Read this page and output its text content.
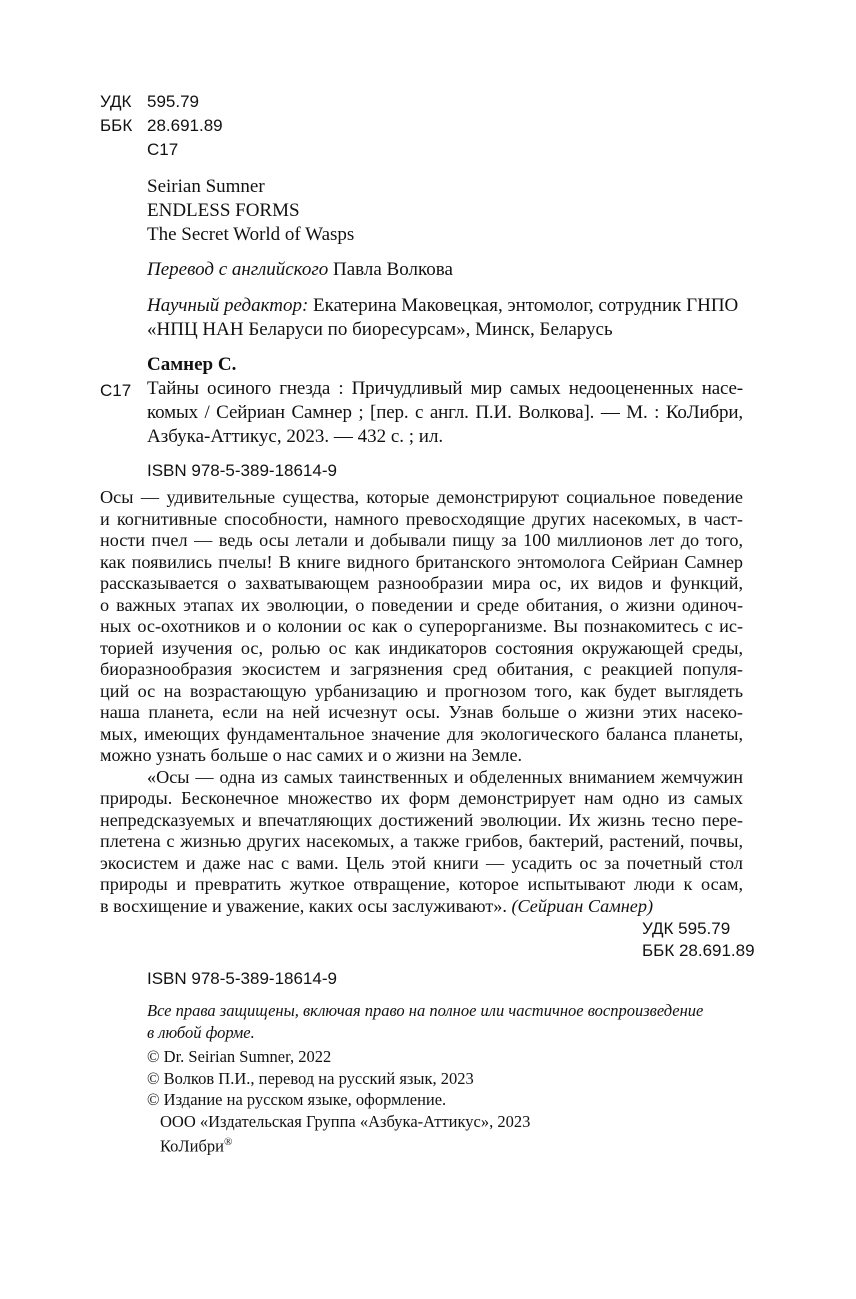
УДК 595.79
ББК 28.691.89
С17
Seirian Sumner
ENDLESS FORMS
The Secret World of Wasps
Перевод с английского Павла Волкова
Научный редактор: Екатерина Маковецкая, энтомолог, сотрудник ГНПО
«НПЦ НАН Беларуси по биоресурсам», Минск, Беларусь
Самнер С.
С17 Тайны осиного гнезда : Причудливый мир самых недооцененных насе-
комых / Сейриан Самнер ; [пер. с англ. П.И. Волкова]. — М. : КоЛибри,
Азбука-Аттикус, 2023. — 432 с. ; ил.
ISBN 978-5-389-18614-9
Осы — удивительные существа, которые демонстрируют социальное поведение
и когнитивные способности, намного превосходящие других насекомых, в част-
ности пчел — ведь осы летали и добывали пищу за 100 миллионов лет до того,
как появились пчелы! В книге видного британского энтомолога Сейриан Самнер
рассказывается о захватывающем разнообразии мира ос, их видов и функций,
о важных этапах их эволюции, о поведении и среде обитания, о жизни одиноч-
ных ос-охотников и о колонии ос как о суперорганизме. Вы познакомитесь с ис-
торией изучения ос, ролью ос как индикаторов состояния окружающей среды,
биоразнообразия экосистем и загрязнения сред обитания, с реакцией популя-
ций ос на возрастающую урбанизацию и прогнозом того, как будет выглядеть
наша планета, если на ней исчезнут осы. Узнав больше о жизни этих насеко-
мых, имеющих фундаментальное значение для экологического баланса планеты,
можно узнать больше о нас самих и о жизни на Земле.
«Осы — одна из самых таинственных и обделенных вниманием жемчужин
природы. Бесконечное множество их форм демонстрирует нам одно из самых
непредсказуемых и впечатляющих достижений эволюции. Их жизнь тесно пере-
плетена с жизнью других насекомых, а также грибов, бактерий, растений, почвы,
экосистем и даже нас с вами. Цель этой книги — усадить ос за почетный стол
природы и превратить жуткое отвращение, которое испытывают люди к осам,
в восхищение и уважение, каких осы заслуживают». (Сейриан Самнер)
УДК 595.79
ББК 28.691.89
ISBN 978-5-389-18614-9
Все права защищены, включая право на полное или частичное воспроизведение
в любой форме.
© Dr. Seirian Sumner, 2022
© Волков П.И., перевод на русский язык, 2023
© Издание на русском языке, оформление.
ООО «Издательская Группа «Азбука-Аттикус», 2023
КоЛибри®
